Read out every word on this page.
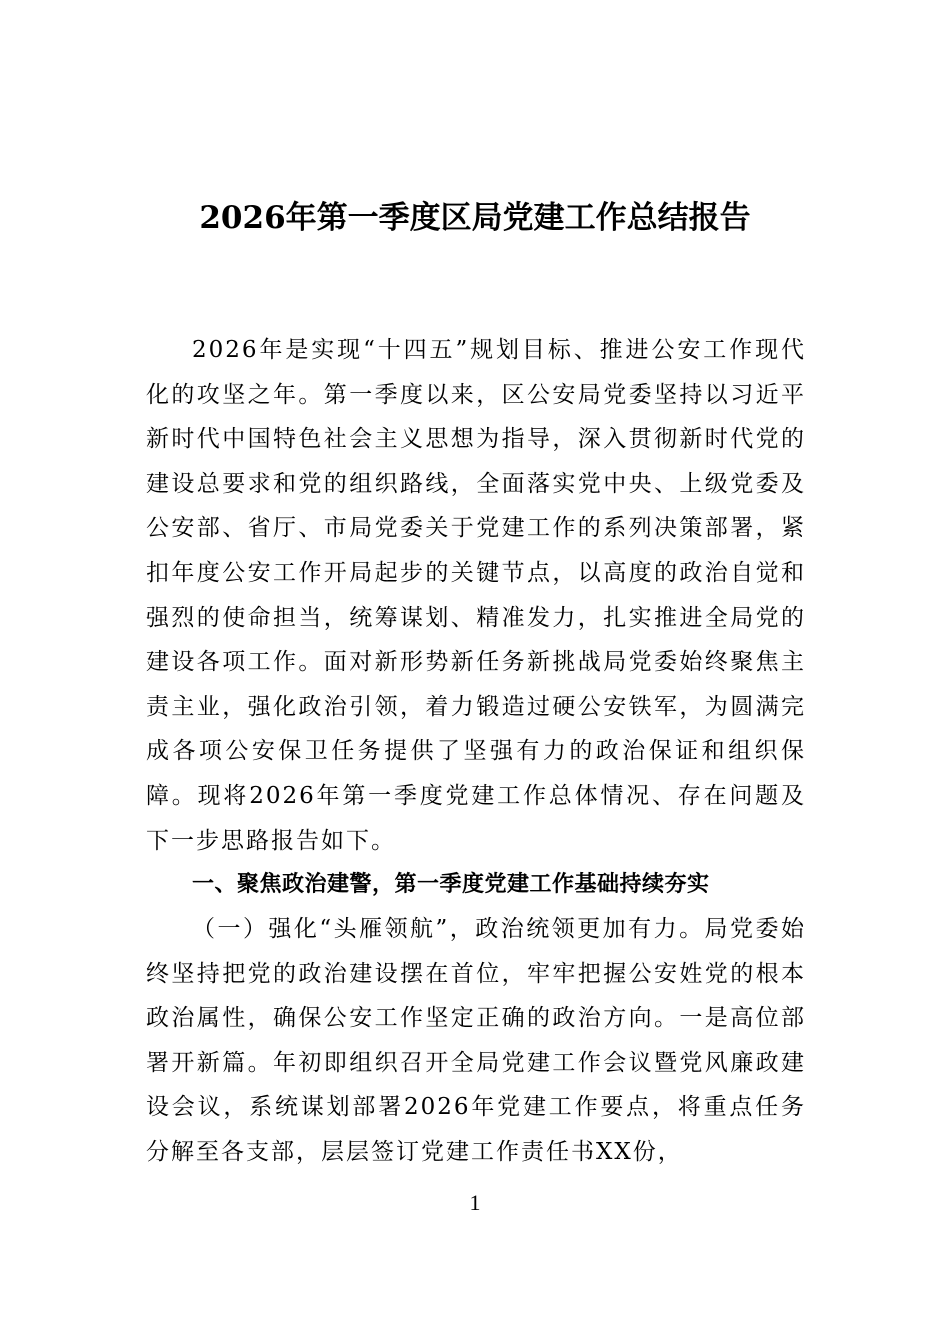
2026年第一季度区局党建工作总结报告

2026年是实现“十四五”规划目标、推进公安工作现代化的攻坚之年。第一季度以来，区公安局党委坚持以习近平新时代中国特色社会主义思想为指导，深入贯彻新时代党的建设总要求和党的组织路线，全面落实党中央、上级党委及公安部、省厅、市局党委关于党建工作的系列决策部署，紧扣年度公安工作开局起步的关键节点，以高度的政治自觉和强烈的使命担当，统筹谋划、精准发力，扎实推进全局党的建设各项工作。面对新形势新任务新挑战局党委始终聚焦主责主业，强化政治引领，着力锻造过硬公安铁军，为圆满完成各项公安保卫任务提供了坚强有力的政治保证和组织保障。现将2026年第一季度党建工作总体情况、存在问题及下一步思路报告如下。

一、聚焦政治建警，第一季度党建工作基础持续夯实

（一）强化“头雁领航”，政治统领更加有力。局党委始终坚持把党的政治建设摆在首位，牢牢把握公安姓党的根本政治属性，确保公安工作坚定正确的政治方向。一是高位部署开新篇。年初即组织召开全局党建工作会议暨党风廉政建设会议，系统谋划部署2026年党建工作要点，将重点任务分解至各支部，层层签订党建工作责任书XX份，

1
